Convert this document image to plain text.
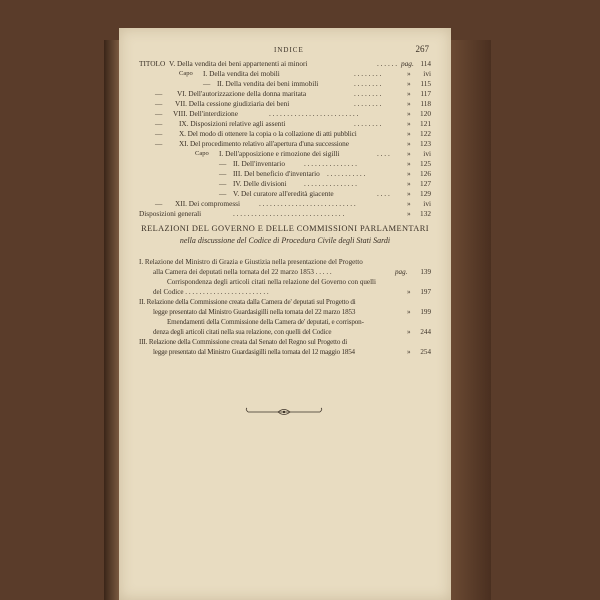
INDICE	267
TITOLO V. Della vendita dei beni appartenenti ai minori	. . . . . . pag. 114
Capo I. Della vendita dei mobili	. . . . . . . .	» ivi
— II. Della vendita dei beni immobili	. . . . . . . .	» 115
— VI. Dell'autorizzazione della donna maritata	. . . . . . . .	» 117
— VII. Della cessione giudiziaria dei beni	. . . . . . . .	» 118
— VIII. Dell'interdizione	. . . . . . . . . . . . . . . . . . . . . . . . .	» 120
— IX. Disposizioni relative agli assenti	. . . . . . . .	» 121
— X. Del modo di ottenere la copia o la collazione di atti pubblici	» 122
— XI. Del procedimento relativo all'apertura d'una successione	» 123
Capo I. Dell'apposizione e rimozione dei sigilli	. . . . » ivi
— II. Dell'inventario	. . . . . . . . . . . . . . .	» 125
— III. Del beneficio d'inventario . . . . . . . . . . .	» 126
— IV. Delle divisioni . . . . . . . . . . . . . . .	» 127
— V. Del curatore all'eredità giacente	. . . . » 129
— XII. Dei compromessi	. . . . . . . . . . . . . . . . . . . . . . . . . . .	» ivi
Disposizioni generali	. . . . . . . . . . . . . . . . . . . . . . . . . . . . . . .	» 132
RELAZIONI DEL GOVERNO E DELLE COMMISSIONI PARLAMENTARI
nella discussione del Codice di Procedura Civile degli Stati Sardi
I. Relazione del Ministro di Grazia e Giustizia nella presentazione del Progetto
alla Camera dei deputati nella tornata del 22 marzo 1853 . . . . .	pag. 139
Corrispondenza degli articoli citati nella relazione del Governo con quelli
del Codice . . . . . . . . . . . . . . . . . . . . . . . .	» 197
II. Relazione della Commissione creata dalla Camera de' deputati sul Progetto di
legge presentato dal Ministro Guardasigilli nella tornata del 22 marzo 1853	» 199
Emendamenti della Commissione della Camera de' deputati, e corrispon-
denza degli articoli citati nella sua relazione, con quelli del Codice	» 244
III. Relazione della Commissione creata dal Senato del Regno sul Progetto di
legge presentato dal Ministro Guardasigilli nella tornata del 12 maggio 1854	» 254
